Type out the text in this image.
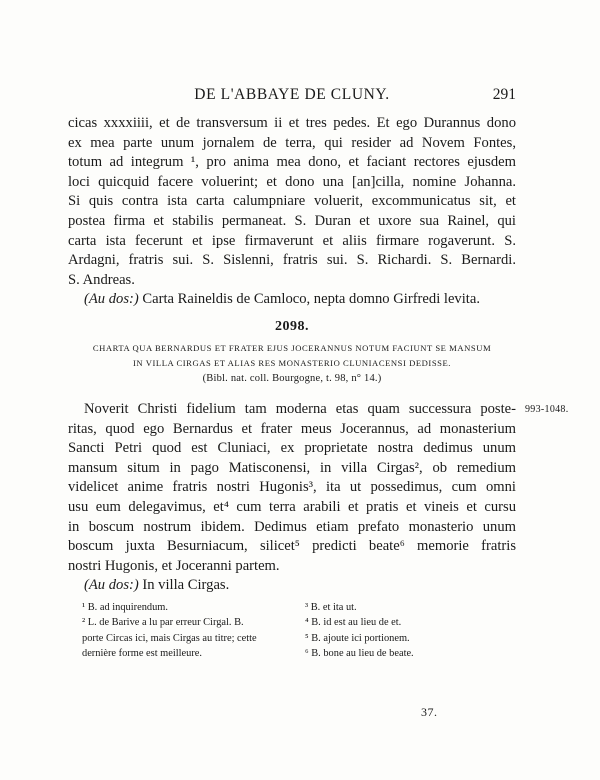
DE L'ABBAYE DE CLUNY.	291
cicas xxxxiiii, et de transversum ii et tres pedes. Et ego Durannus dono
ex mea parte unum jornalem de terra, qui resider ad Novem Fontes,
totum ad integrum ¹, pro anima mea dono, et faciant rectores ejusdem
loci quicquid facere voluerint; et dono una [an]cilla, nomine Johanna.
Si quis contra ista carta calumpniare voluerit, excommunicatus sit, et
postea firma et stabilis permaneat. S. Duran et uxore sua Rainel, qui
carta ista fecerunt et ipse firmaverunt et aliis firmare rogaverunt. S.
Ardagni, fratris sui. S. Sislenni, fratris sui. S. Richardi. S. Bernardi.
S. Andreas.
(Au dos:) Carta Raineldis de Camloco, nepta domno Girfredi levita.
2098.
CHARTA QUA BERNARDUS ET FRATER EJUS JOCERANNUS NOTUM FACIUNT SE MANSUM
IN VILLA CIRGAS ET ALIAS RES MONASTERIO CLUNIACENSI DEDISSE.
(Bibl. nat. coll. Bourgogne, t. 98, n° 14.)
993-1048.
Noverit Christi fidelium tam moderna etas quam successura poste-
ritas, quod ego Bernardus et frater meus Jocerannus, ad monasterium
Sancti Petri quod est Cluniaci, ex proprietate nostra dedimus unum
mansum situm in pago Matisconensi, in villa Cirgas², ob remedium
videlicet anime fratris nostri Hugonis³, ita ut possedimus, cum omni
usu eum delegavimus, et⁴ cum terra arabili et pratis et vineis et cursu
in boscum nostrum ibidem. Dedimus etiam prefato monasterio unum
boscum juxta Besurniacum, silicet⁵ predicti beate⁶ memorie fratris
nostri Hugonis, et Joceranni partem.
(Au dos:) In villa Cirgas.
¹ B. ad inquirendum.
² L. de Barive a lu par erreur Cirgal. B.
porte Circas ici, mais Cirgas au titre; cette
dernière forme est meilleure.
³ B. et ita ut.
⁴ B. id est au lieu de et.
⁵ B. ajoute ici portionem.
⁶ B. bone au lieu de beate.
37.
